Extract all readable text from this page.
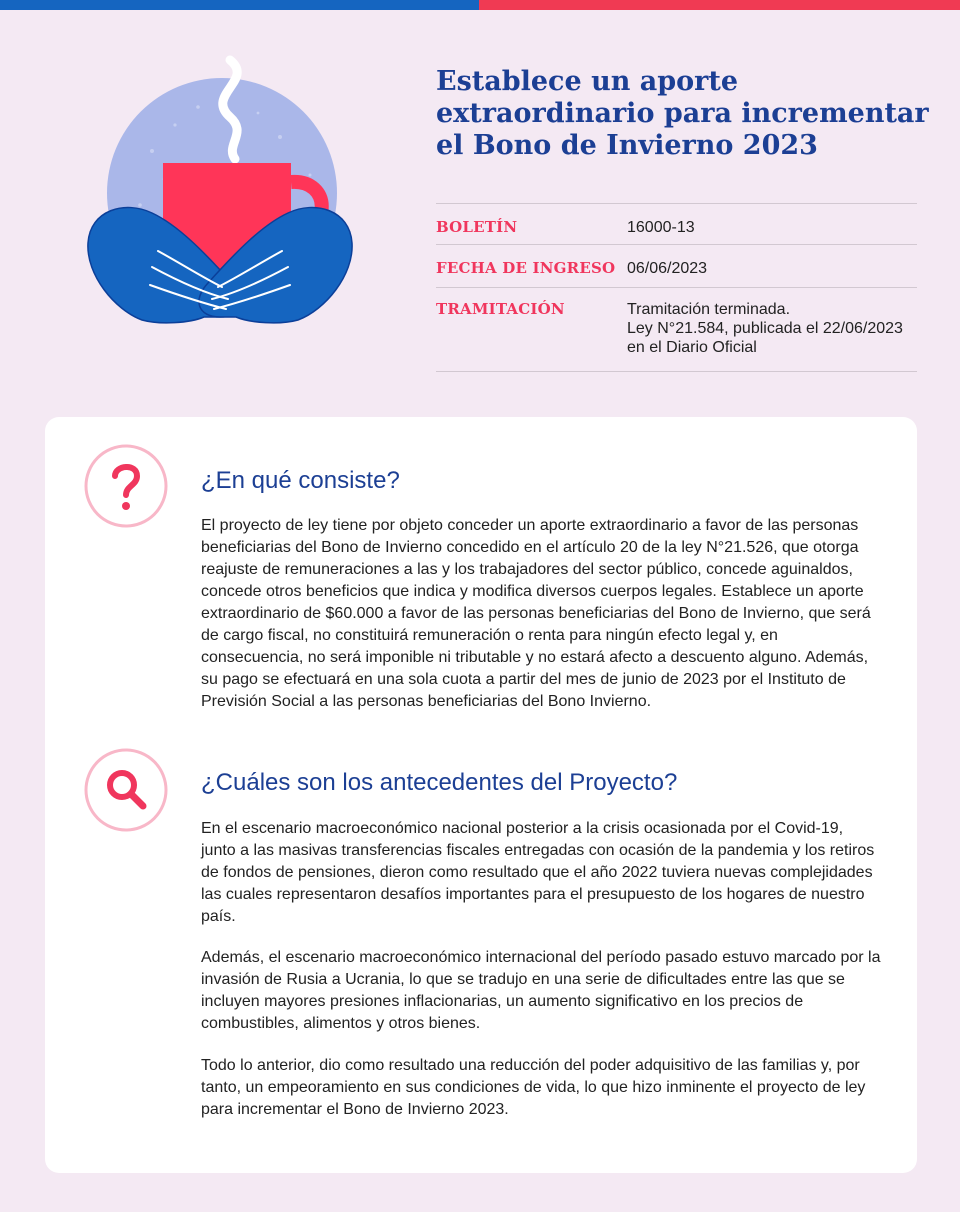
Establece un aporte extraordinario para incrementar el Bono de Invierno 2023
BOLETÍN	16000-13
FECHA DE INGRESO 06/06/2023
TRAMITACIÓN	Tramitación terminada.
Ley N°21.584, publicada el 22/06/2023
en el Diario Oficial
¿En qué consiste?

El proyecto de ley tiene por objeto conceder un aporte extraordinario a favor de las personas beneficiarias del Bono de Invierno concedido en el artículo 20 de la ley N°21.526, que otorga reajuste de remuneraciones a las y los trabajadores del sector público, concede aguinaldos, concede otros beneficios que indica y modifica diversos cuerpos legales. Establece un aporte extraordinario de $60.000 a favor de las personas beneficiarias del Bono de Invierno, que será de cargo fiscal, no constituirá remuneración o renta para ningún efecto legal y, en consecuencia, no será imponible ni tributable y no estará afecto a descuento alguno. Además, su pago se efectuará en una sola cuota a partir del mes de junio de 2023 por el Instituto de Previsión Social a las personas beneficiarias del Bono Invierno.

¿Cuáles son los antecedentes del Proyecto?

En el escenario macroeconómico nacional posterior a la crisis ocasionada por el Covid-19, junto a las masivas transferencias fiscales entregadas con ocasión de la pandemia y los retiros de fondos de pensiones, dieron como resultado que el año 2022 tuviera nuevas complejidades las cuales representaron desafíos importantes para el presupuesto de los hogares de nuestro país.

Además, el escenario macroeconómico internacional del período pasado estuvo marcado por la invasión de Rusia a Ucrania, lo que se tradujo en una serie de dificultades entre las que se incluyen mayores presiones inflacionarias, un aumento significativo en los precios de combustibles, alimentos y otros bienes.

Todo lo anterior, dio como resultado una reducción del poder adquisitivo de las familias y, por tanto, un empeoramiento en sus condiciones de vida, lo que hizo inminente el proyecto de ley para incrementar el Bono de Invierno 2023.
